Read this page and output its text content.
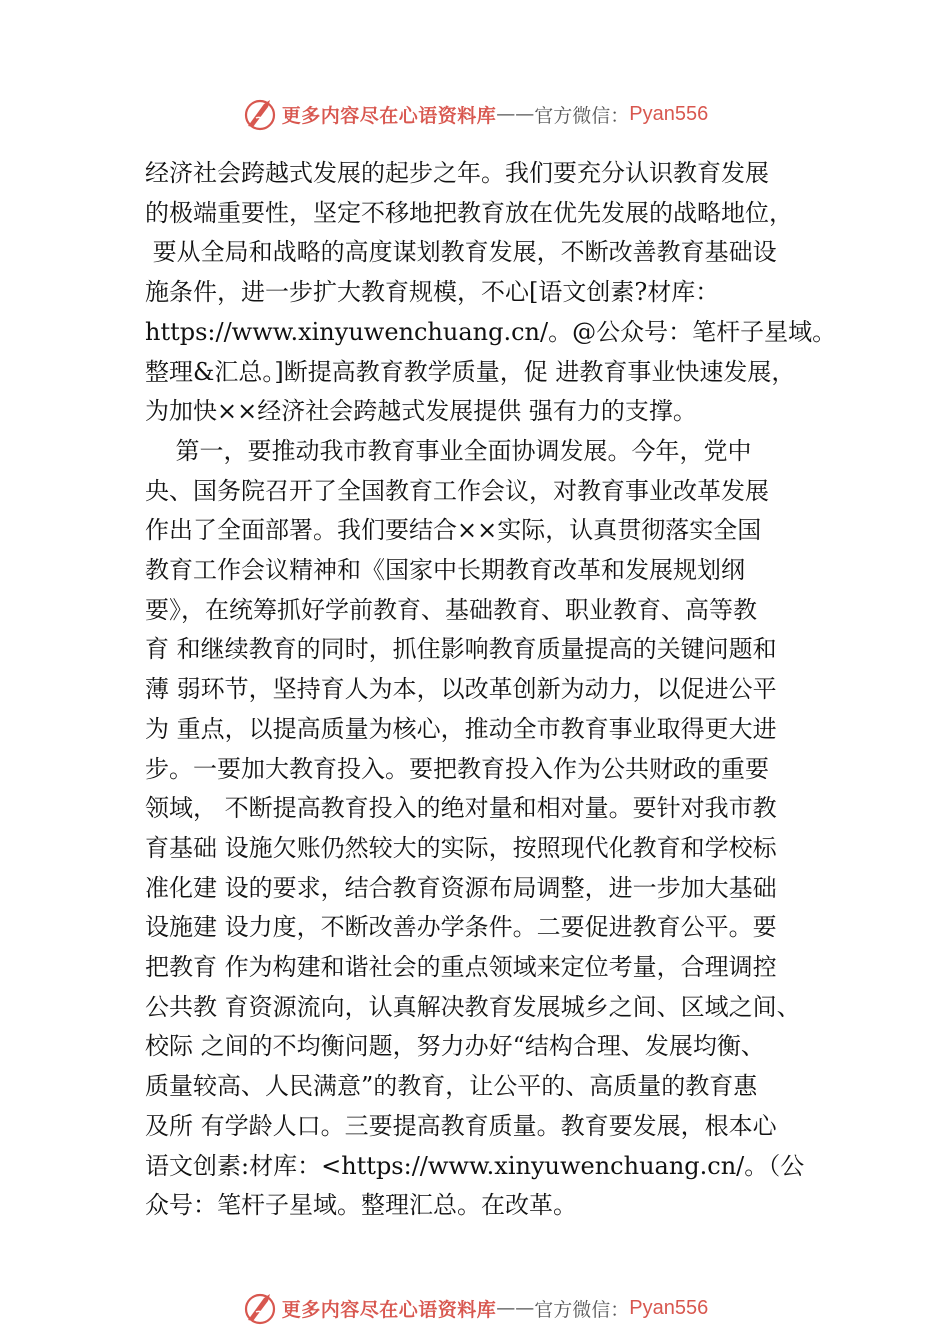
更多内容尽在心语资料库 —— 官方微信： Pyan556
经济社会跨越式发展的起步之年。我们要充分认识教育发展
的极端重要性，坚定不移地把教育放在优先发展的战略地位，
要从全局和战略的高度谋划教育发展，不断改善教育基础设
施条件，进一步扩大教育规模，不心[语文创素?材库：
https://www.xinyuwenchuang.cn/。@公众号：笔杆子星域。
整理&汇总。]断提高教育教学质量，促 进教育事业快速发展，
为加快××经济社会跨越式发展提供 强有力的支撑。
第一，要推动我市教育事业全面协调发展。今年，党中
央、国务院召开了全国教育工作会议，对教育事业改革发展
作出了全面部署。我们要结合××实际，认真贯彻落实全国
教育工作会议精神和《国家中长期教育改革和发展规划纲
要》，在统筹抓好学前教育、基础教育、职业教育、高等教
育 和继续教育的同时，抓住影响教育质量提高的关键问题和
薄 弱环节，坚持育人为本，以改革创新为动力，以促进公平
为 重点，以提高质量为核心，推动全市教育事业取得更大进
步。一要加大教育投入。要把教育投入作为公共财政的重要
领域， 不断提高教育投入的绝对量和相对量。要针对我市教
育基础 设施欠账仍然较大的实际，按照现代化教育和学校标
准化建 设的要求，结合教育资源布局调整，进一步加大基础
设施建 设力度，不断改善办学条件。二要促进教育公平。要
把教育 作为构建和谐社会的重点领域来定位考量，合理调控
公共教 育资源流向，认真解决教育发展城乡之间、区域之间、
校际 之间的不均衡问题，努力办好“结构合理、发展均衡、
质量较高、人民满意”的教育，让公平的、高质量的教育惠
及所 有学龄人口。三要提高教育质量。教育要发展，根本心
语文创素:材库：<https://www.xinyuwenchuang.cn/。（公
众号：笔杆子星域。整理汇总。在改革。
更多内容尽在心语资料库 —— 官方微信： Pyan556
